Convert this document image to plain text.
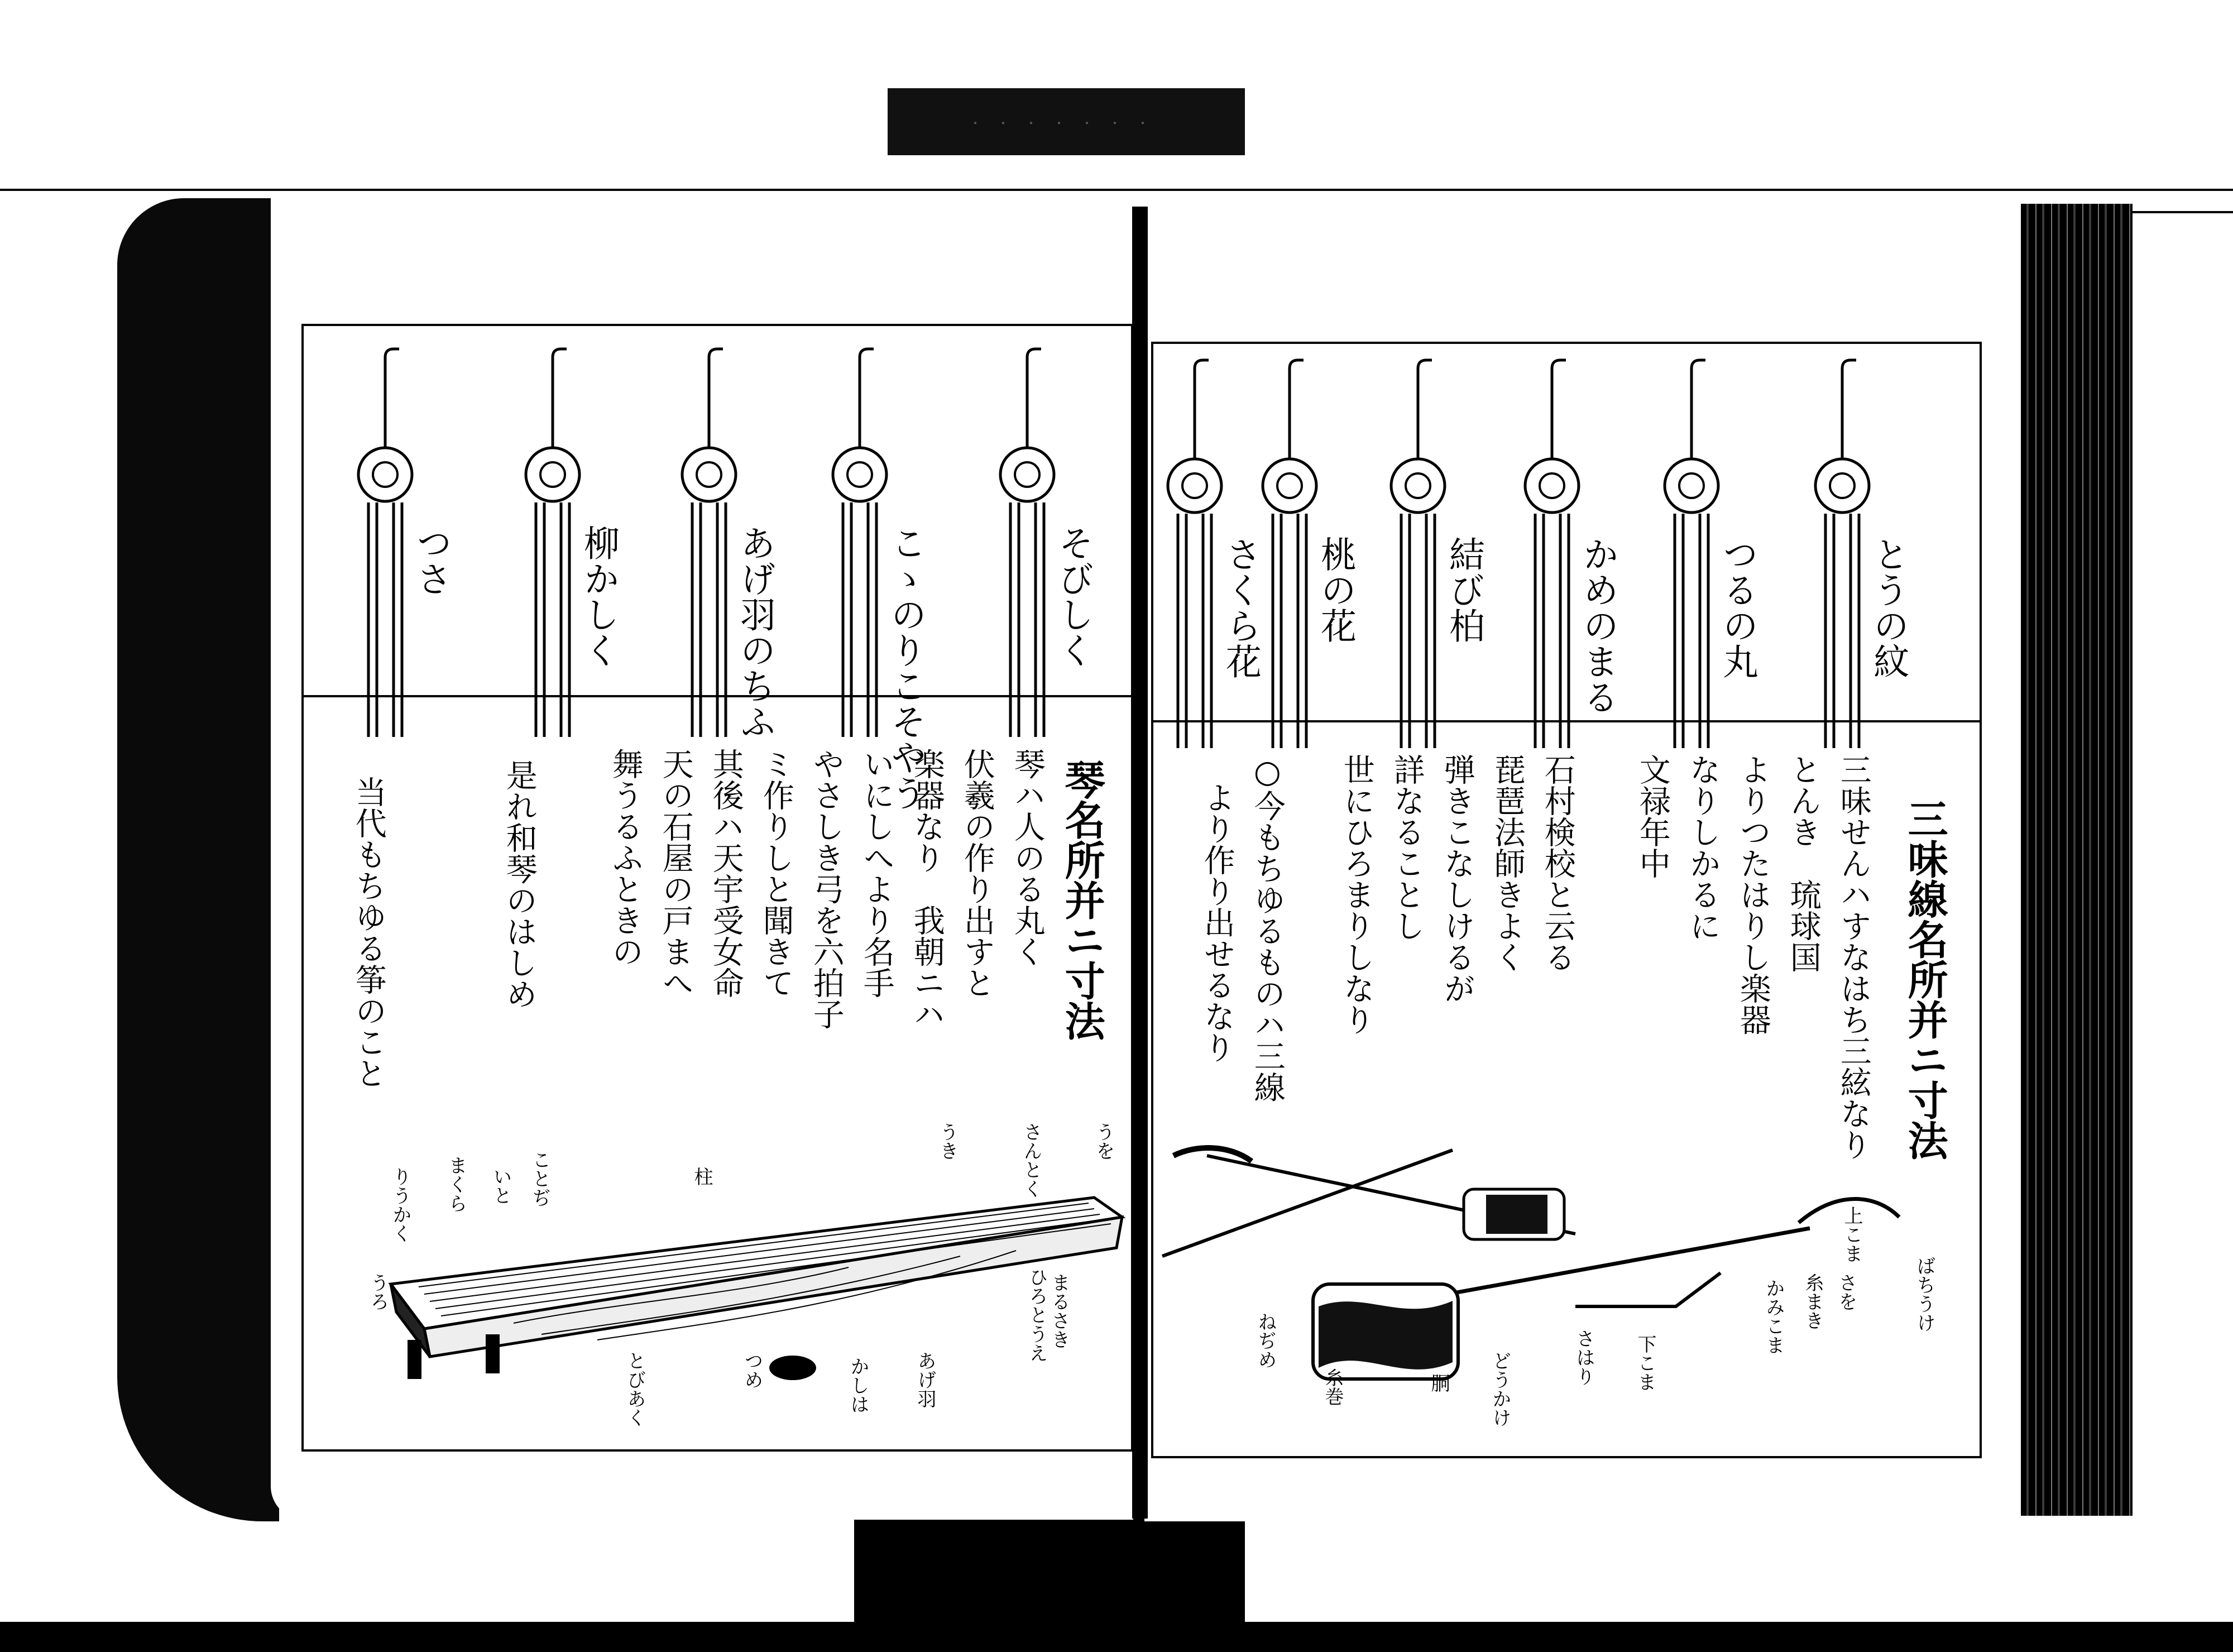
・・・・・・・
つさ	柳かしく	あげ羽のちふ	こゝのりこそやう	そびしく	さくら花 桃の花 結び柏	かめのまる	つるの丸	とうの紋
琴名所并ニ寸法
琴ハ人のる丸く
伏羲の作り出すと
楽器なり　我朝ニハ
いにしへより名手
やさしき弓を六拍子
ミ作りしと聞きて
其後ハ天宇受女命
天の石屋の戸まへ
舞うるふときの
是れ和琴のはしめ
当代もちゆる筝のこと	三味線名所并ニ寸法
三味せんハすなはち三絃なり
とんき　琉球国
よりつたはりし楽器
なりしかるに
文禄年中
石村検校と云る
琵琶法師きよく
弾きこなしけるが
詳なることし
世にひろまりしなり
○今もちゆるものハ三線
より作り出せるなり
りうかく まくら いと ことぢ
うろ
柱
かしは
つめ	あげ羽
ひろとうえ まるさき
うき
とびあく
さんとく	うを
ばちうけ
さを
糸まき
かみこま
上こま
さはり 下こま
どうかけ
胴
糸巻
ねぢめ
